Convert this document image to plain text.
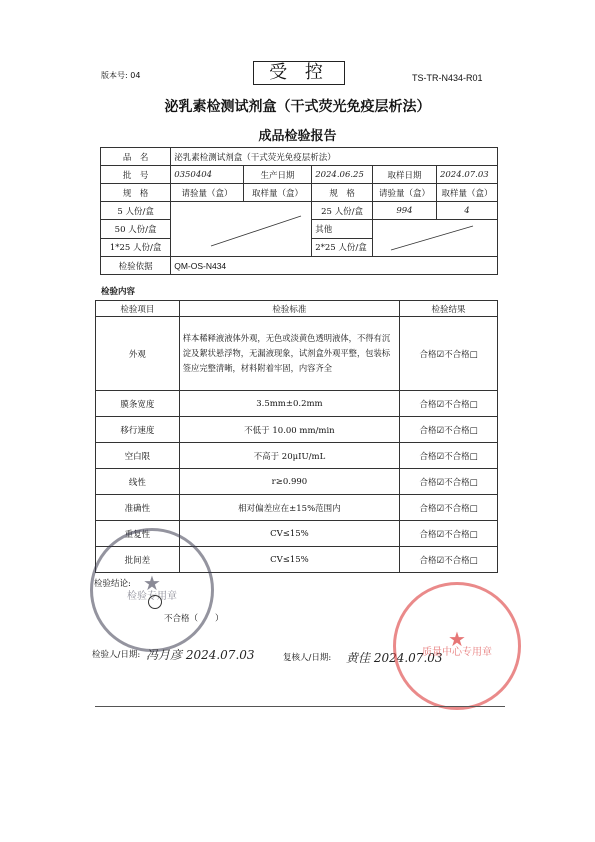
版本号: 04	受 控	TS-TR-N434-R01
泌乳素检测试剂盒（干式荧光免疫层析法）
成品检验报告
品　名	泌乳素检测试剂盒（干式荧光免疫层析法）				
批　号	0350404	生产日期	2024.06.25	取样日期	2024.07.03
规　格	请验量（盒）	取样量（盒）	规　格	请验量（盒）	取样量（盒）
5 人份/盒			25 人份/盒	994	4
50 人份/盒			其他	

1*25 人份/盒			2*25 人份/盒		
检验依据	QM-OS-N434				
检验内容
检验项目	检验标准	检验结果
外观	样本稀释液液体外观，无色或淡黄色透明液体，不得有沉淀及絮状悬浮物，无漏液现象，试剂盒外观平整，包装标签应完整清晰，材料附着牢固，内容齐全	合格☑不合格□
膜条宽度	3.5mm±0.2mm	合格☑不合格□
移行速度	不低于 10.00 mm/min	合格☑不合格□
空白限	不高于 20μIU/mL	合格☑不合格□
线性	r≥0.990	合格☑不合格□
准确性	相对偏差应在±15%范围内	合格☑不合格□
重复性	CV≤15%	合格☑不合格□
批间差	CV≤15%	合格☑不合格□
★
检验专用章
检验结论:
不合格（　　）
检验人/日期: 冯月彦 2024.07.03	复核人/日期: 黄佳 2024.07.03
★
质量中心专用章
